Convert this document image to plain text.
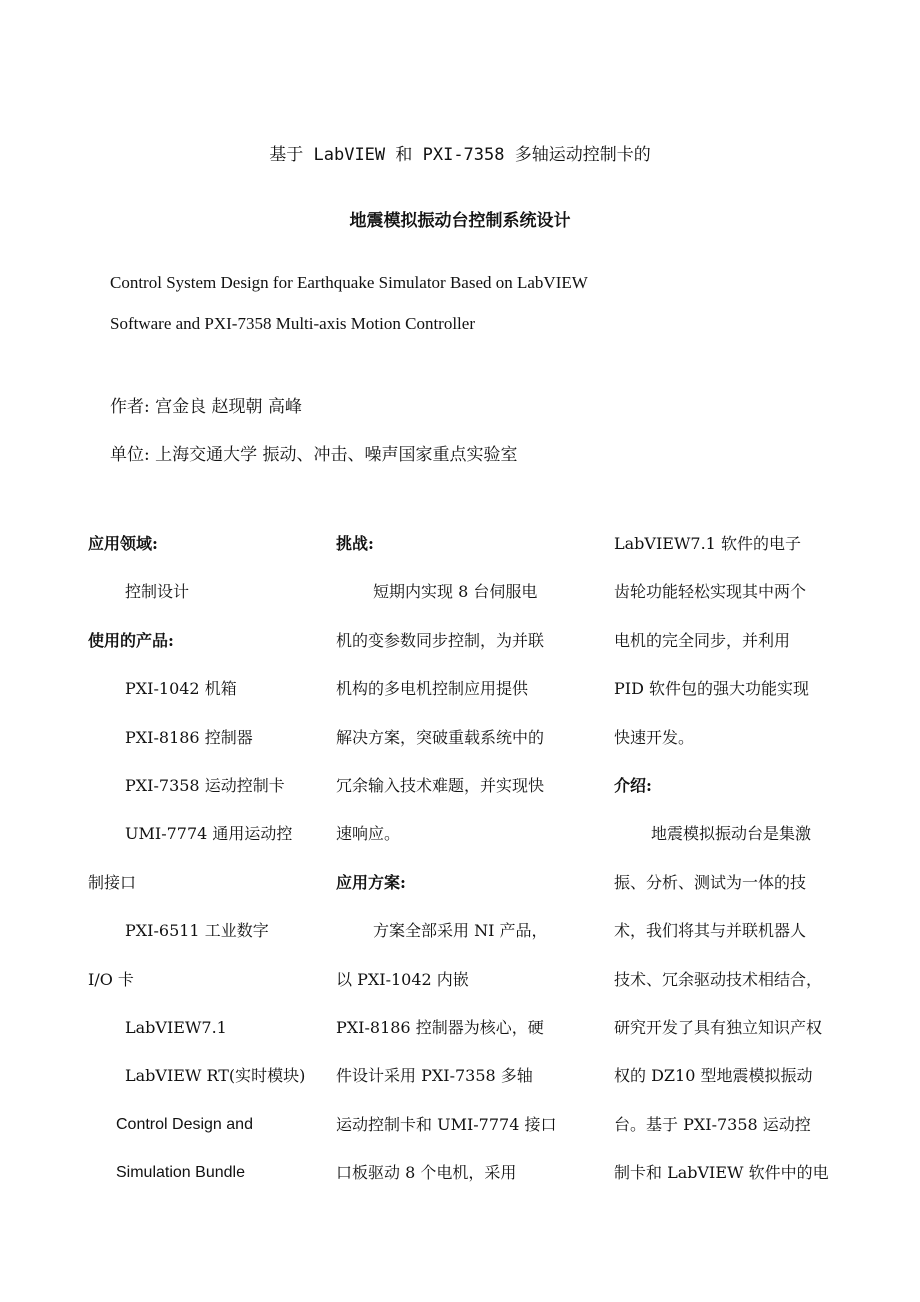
基于 LabVIEW 和 PXI-7358 多轴运动控制卡的
地震模拟振动台控制系统设计
Control System Design for Earthquake Simulator Based on LabVIEW
Software and PXI-7358 Multi-axis Motion Controller
作者: 宫金良 赵现朝 高峰
单位: 上海交通大学 振动、冲击、噪声国家重点实验室
应用领域:
控制设计
使用的产品:
PXI-1042 机箱
PXI-8186 控制器
PXI-7358 运动控制卡
UMI-7774 通用运动控
制接口
PXI-6511 工业数字
I/O 卡
LabVIEW7.1
LabVIEW RT(实时模块)
Control Design and
Simulation Bundle
挑战:
短期内实现 8 台伺服电
机的变参数同步控制，为并联
机构的多电机控制应用提供
解决方案，突破重载系统中的
冗余输入技术难题，并实现快
速响应。
应用方案:
方案全部采用 NI 产品，
以 PXI-1042 内嵌
PXI-8186 控制器为核心，硬
件设计采用 PXI-7358 多轴
运动控制卡和 UMI-7774 接口
口板驱动 8 个电机，采用
LabVIEW7.1 软件的电子
齿轮功能轻松实现其中两个
电机的完全同步，并利用
PID 软件包的强大功能实现
快速开发。
介绍:
地震模拟振动台是集激
振、分析、测试为一体的技
术，我们将其与并联机器人
技术、冗余驱动技术相结合，
研究开发了具有独立知识产权
权的 DZ10 型地震模拟振动
台。基于 PXI-7358 运动控
制卡和 LabVIEW 软件中的电
